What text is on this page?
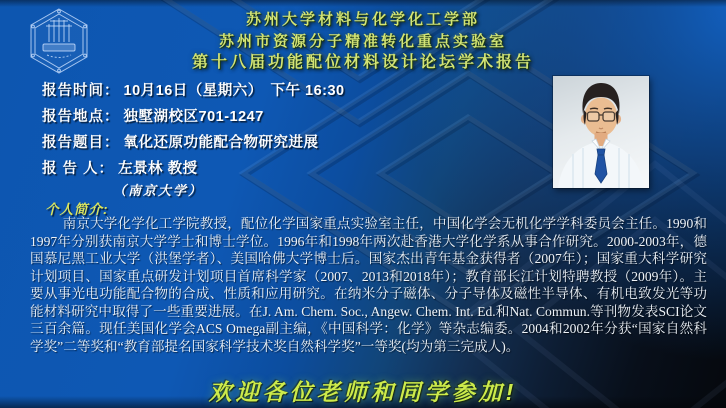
苏州大学材料与化学化工学部
苏州市资源分子精准转化重点实验室
第十八届功能配位材料设计论坛学术报告
报告时间： 10月16日（星期六）　下午 16:30
报告地点： 独墅湖校区701-1247
报告题目： 氧化还原功能配合物研究进展
报 告 人： 左景林 教授
（南京大学）
个人简介:
南京大学化学化工学院教授，配位化学国家重点实验室主任，中国化学会无机化学学科委员会主任。1990和1997年分别获南京大学学士和博士学位。1996年和1998年两次赴香港大学化学系从事合作研究。2000-2003年，德国慕尼黑工业大学（洪堡学者）、美国哈佛大学博士后。国家杰出青年基金获得者（2007年）；国家重大科学研究计划项目、国家重点研发计划项目首席科学家（2007、2013和2018年）；教育部长江计划特聘教授（2009年）。主要从事光电功能配合物的合成、性质和应用研究。在纳米分子磁体、分子导体及磁性半导体、有机电致发光等功能材料研究中取得了一些重要进展。在J. Am. Chem. Soc., Angew. Chem. Int. Ed.和Nat. Commun.等刊物发表SCI论文三百余篇。现任美国化学会ACS Omega副主编，《中国科学：化学》等杂志编委。2004和2002年分获“国家自然科学奖”二等奖和“教育部提名国家科学技术奖自然科学奖”一等奖(均为第三完成人)。
欢迎各位老师和同学参加!
